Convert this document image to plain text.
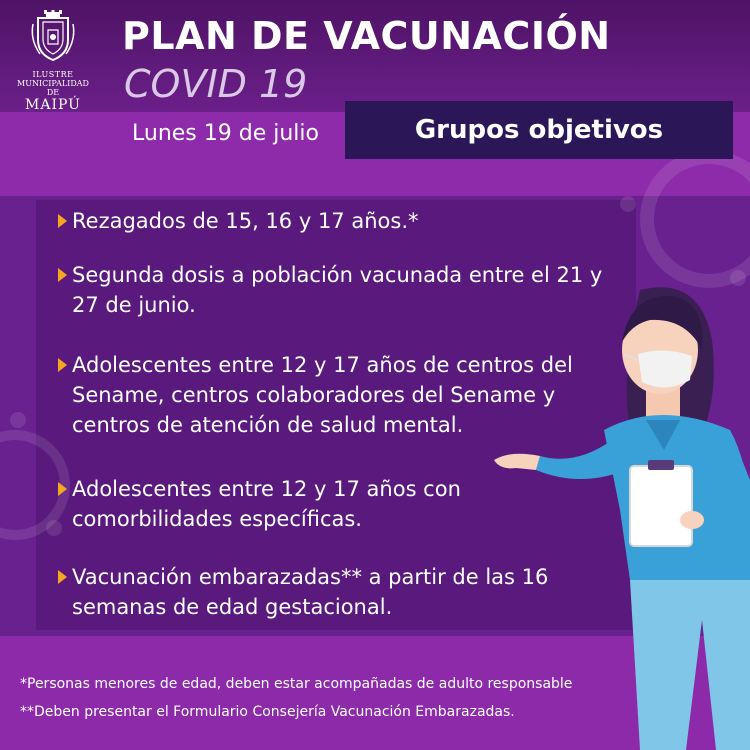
ILUSTRE
MUNICIPALIDAD DE
MAIPÚ
PLAN DE VACUNACIÓN
COVID 19
Lunes 19 de julio	Grupos objetivos
Rezagados de 15, 16 y 17 años.*
Segunda dosis a población vacunada entre el 21 y
27 de junio.
Adolescentes entre 12 y 17 años de centros del
Sename, centros colaboradores del Sename y
centros de atención de salud mental.
Adolescentes entre 12 y 17 años con
comorbilidades específicas.
Vacunación embarazadas** a partir de las 16
semanas de edad gestacional.
*Personas menores de edad, deben estar acompañadas de adulto responsable
**Deben presentar el Formulario Consejería Vacunación Embarazadas.
